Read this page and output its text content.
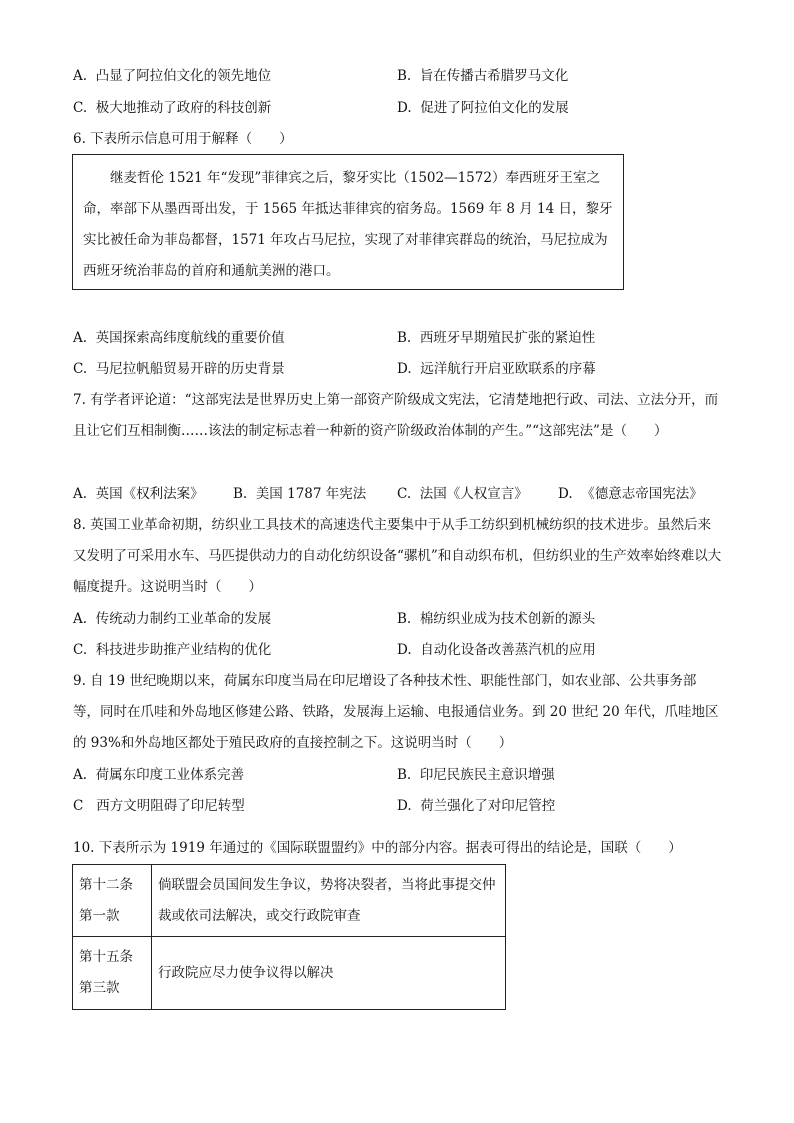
A. 凸显了阿拉伯文化的领先地位	B. 旨在传播古希腊罗马文化
C. 极大地推动了政府的科技创新	D. 促进了阿拉伯文化的发展
6. 下表所示信息可用于解释（　　）
继麦哲伦 1521 年“发现”菲律宾之后，黎牙实比（1502—1572）奉西班牙王室之命，率部下从墨西哥出发，于 1565 年抵达菲律宾的宿务岛。1569 年 8 月 14 日，黎牙实比被任命为菲岛都督，1571 年攻占马尼拉，实现了对菲律宾群岛的统治，马尼拉成为西班牙统治菲岛的首府和通航美洲的港口。
A. 英国探索高纬度航线的重要价值	B. 西班牙早期殖民扩张的紧迫性
C. 马尼拉帆船贸易开辟的历史背景	D. 远洋航行开启亚欧联系的序幕
7. 有学者评论道：“这部宪法是世界历史上第一部资产阶级成文宪法，它清楚地把行政、司法、立法分开，而且让它们互相制衡……该法的制定标志着一种新的资产阶级政治体制的产生。”“这部宪法”是（　　）
A. 英国《权利法案》 B. 美国 1787 年宪法 C. 法国《人权宣言》 D. 《德意志帝国宪法》
8. 英国工业革命初期，纺织业工具技术的高速迭代主要集中于从手工纺织到机械纺织的技术进步。虽然后来又发明了可采用水车、马匹提供动力的自动化纺织设备“骡机”和自动织布机，但纺织业的生产效率始终难以大幅度提升。这说明当时（　　）
A. 传统动力制约工业革命的发展	B. 棉纺织业成为技术创新的源头
C. 科技进步助推产业结构的优化	D. 自动化设备改善蒸汽机的应用
9. 自 19 世纪晚期以来，荷属东印度当局在印尼增设了各种技术性、职能性部门，如农业部、公共事务部等，同时在爪哇和外岛地区修建公路、铁路，发展海上运输、电报通信业务。到 20 世纪 20 年代，爪哇地区的 93%和外岛地区都处于殖民政府的直接控制之下。这说明当时（　　）
A. 荷属东印度工业体系完善	B. 印尼民族民主意识增强
C 西方文明阻碍了印尼转型	D. 荷兰强化了对印尼管控
10. 下表所示为 1919 年通过的《国际联盟盟约》中的部分内容。据表可得出的结论是，国联（　　）
第十二条第一款	倘联盟会员国间发生争议，势将决裂者，当将此事提交仲裁或依司法解决，或交行政院审查
第十五条第三款	行政院应尽力使争议得以解决
